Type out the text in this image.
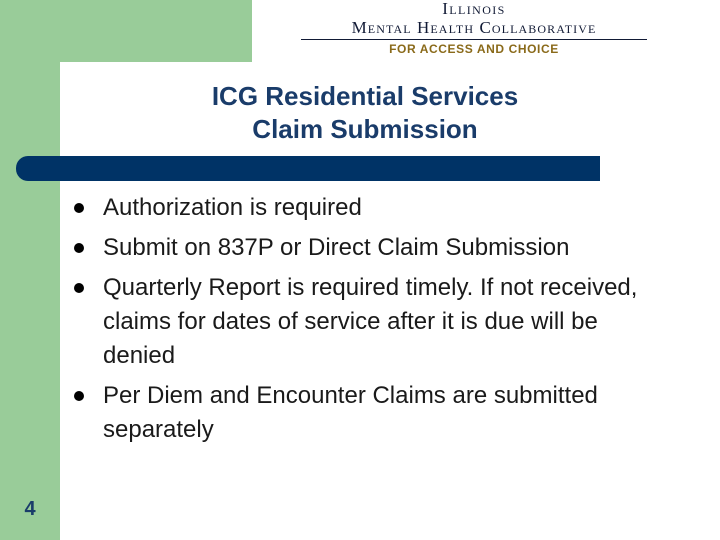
Illinois
Mental Health Collaborative
FOR ACCESS AND CHOICE
ICG Residential Services
Claim Submission
Authorization is required
Submit on 837P or Direct Claim Submission
Quarterly Report is required timely. If not received, claims for dates of service after it is due will be denied
Per Diem and Encounter Claims are submitted separately
4
